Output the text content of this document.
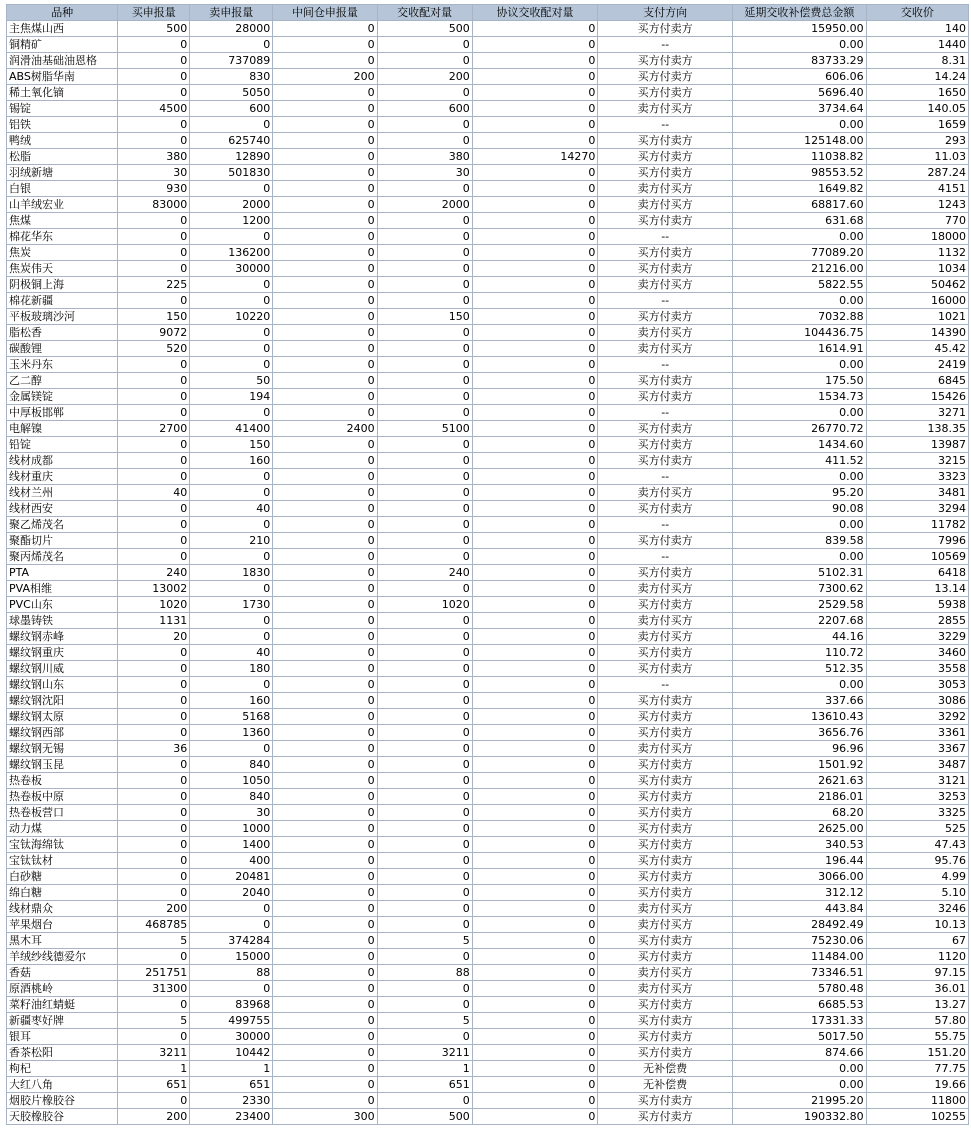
品种	买申报量	卖申报量	中间仓申报量	交收配对量	协议交收配对量	支付方向	延期交收补偿费总金额	交收价
主焦煤山西	500	28000	0	500	0	买方付卖方	15950.00	140
铜精矿	0	0	0	0	0	--	0.00	1440
润滑油基础油恩格	0	737089	0	0	0	买方付卖方	83733.29	8.31
ABS树脂华南	0	830	200	200	0	买方付卖方	606.06	14.24
稀土氧化镝	0	5050	0	0	0	买方付卖方	5696.40	1650
锡锭	4500	600	0	600	0	卖方付买方	3734.64	140.05
铝铁	0	0	0	0	0	--	0.00	1659
鸭绒	0	625740	0	0	0	买方付卖方	125148.00	293
松脂	380	12890	0	380	14270	买方付卖方	11038.82	11.03
羽绒新塘	30	501830	0	30	0	买方付卖方	98553.52	287.24
白银	930	0	0	0	0	卖方付买方	1649.82	4151
山羊绒宏业	83000	2000	0	2000	0	卖方付买方	68817.60	1243
焦煤	0	1200	0	0	0	买方付卖方	631.68	770
棉花华东	0	0	0	0	0	--	0.00	18000
焦炭	0	136200	0	0	0	买方付卖方	77089.20	1132
焦炭伟天	0	30000	0	0	0	买方付卖方	21216.00	1034
阴极铜上海	225	0	0	0	0	卖方付买方	5822.55	50462
棉花新疆	0	0	0	0	0	--	0.00	16000
平板玻璃沙河	150	10220	0	150	0	买方付卖方	7032.88	1021
脂松香	9072	0	0	0	0	卖方付买方	104436.75	14390
碳酸锂	520	0	0	0	0	卖方付买方	1614.91	45.42
玉米丹东	0	0	0	0	0	--	0.00	2419
乙二醇	0	50	0	0	0	买方付卖方	175.50	6845
金属镁锭	0	194	0	0	0	买方付卖方	1534.73	15426
中厚板邯郸	0	0	0	0	0	--	0.00	3271
电解镍	2700	41400	2400	5100	0	买方付卖方	26770.72	138.35
铅锭	0	150	0	0	0	买方付卖方	1434.60	13987
线材成都	0	160	0	0	0	买方付卖方	411.52	3215
线材重庆	0	0	0	0	0	--	0.00	3323
线材兰州	40	0	0	0	0	卖方付买方	95.20	3481
线材西安	0	40	0	0	0	买方付卖方	90.08	3294
聚乙烯茂名	0	0	0	0	0	--	0.00	11782
聚酯切片	0	210	0	0	0	买方付卖方	839.58	7996
聚丙烯茂名	0	0	0	0	0	--	0.00	10569
PTA	240	1830	0	240	0	买方付卖方	5102.31	6418
PVA相维	13002	0	0	0	0	卖方付买方	7300.62	13.14
PVC山东	1020	1730	0	1020	0	买方付卖方	2529.58	5938
球墨铸铁	1131	0	0	0	0	卖方付买方	2207.68	2855
螺纹钢赤峰	20	0	0	0	0	卖方付买方	44.16	3229
螺纹钢重庆	0	40	0	0	0	买方付卖方	110.72	3460
螺纹钢川威	0	180	0	0	0	买方付卖方	512.35	3558
螺纹钢山东	0	0	0	0	0	--	0.00	3053
螺纹钢沈阳	0	160	0	0	0	买方付卖方	337.66	3086
螺纹钢太原	0	5168	0	0	0	买方付卖方	13610.43	3292
螺纹钢西部	0	1360	0	0	0	买方付卖方	3656.76	3361
螺纹钢无锡	36	0	0	0	0	卖方付买方	96.96	3367
螺纹钢玉昆	0	840	0	0	0	买方付卖方	1501.92	3487
热卷板	0	1050	0	0	0	买方付卖方	2621.63	3121
热卷板中原	0	840	0	0	0	买方付卖方	2186.01	3253
热卷板营口	0	30	0	0	0	买方付卖方	68.20	3325
动力煤	0	1000	0	0	0	买方付卖方	2625.00	525
宝钛海绵钛	0	1400	0	0	0	买方付卖方	340.53	47.43
宝钛钛材	0	400	0	0	0	买方付卖方	196.44	95.76
白砂糖	0	20481	0	0	0	买方付卖方	3066.00	4.99
绵白糖	0	2040	0	0	0	买方付卖方	312.12	5.10
线材鼎众	200	0	0	0	0	卖方付买方	443.84	3246
苹果烟台	468785	0	0	0	0	卖方付买方	28492.49	10.13
黑木耳	5	374284	0	5	0	买方付卖方	75230.06	67
羊绒纱线德爱尔	0	15000	0	0	0	买方付卖方	11484.00	1120
香菇	251751	88	0	88	0	卖方付买方	73346.51	97.15
原酒桃岭	31300	0	0	0	0	卖方付买方	5780.48	36.01
菜籽油红蜻蜓	0	83968	0	0	0	买方付卖方	6685.53	13.27
新疆枣好牌	5	499755	0	5	0	买方付卖方	17331.33	57.80
银耳	0	30000	0	0	0	买方付卖方	5017.50	55.75
香茶松阳	3211	10442	0	3211	0	买方付卖方	874.66	151.20
枸杞	1	1	0	1	0	无补偿费	0.00	77.75
大红八角	651	651	0	651	0	无补偿费	0.00	19.66
烟胶片橡胶谷	0	2330	0	0	0	买方付卖方	21995.20	11800
天胶橡胶谷	200	23400	300	500	0	买方付卖方	190332.80	10255
